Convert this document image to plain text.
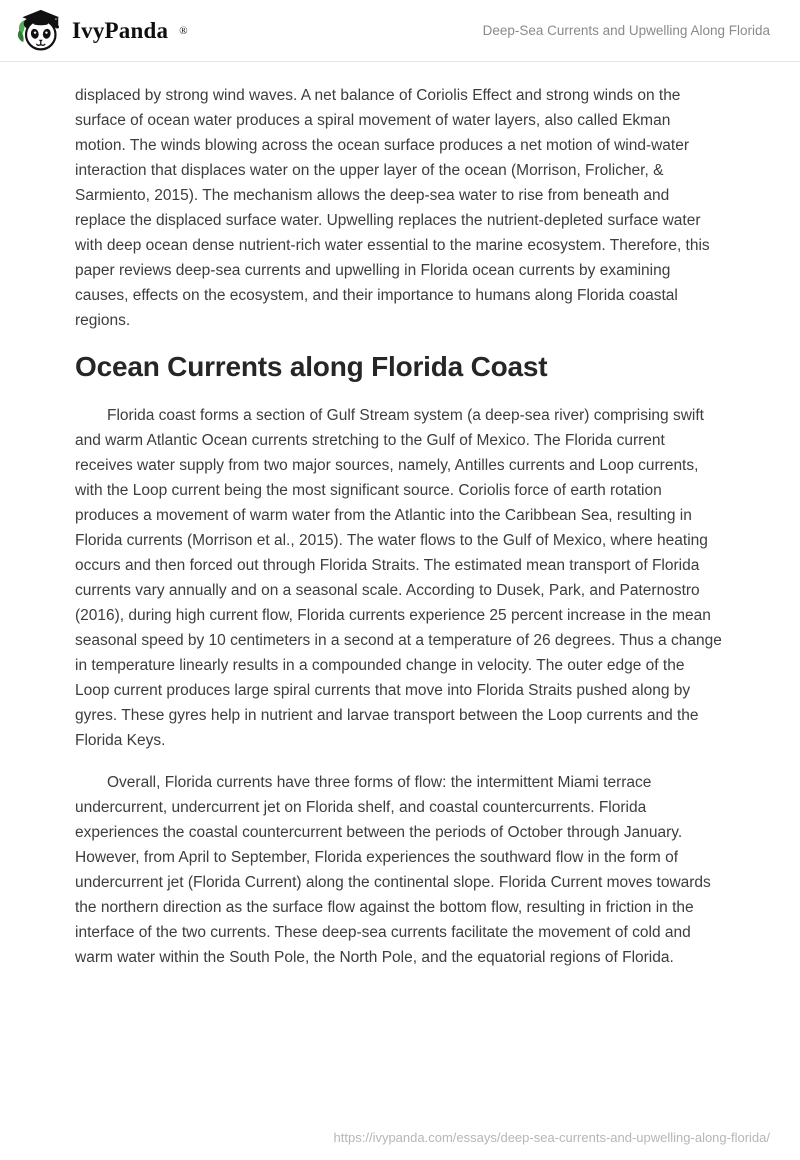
IvyPanda ®	Deep-Sea Currents and Upwelling Along Florida

displaced by strong wind waves. A net balance of Coriolis Effect and strong winds on the surface of ocean water produces a spiral movement of water layers, also called Ekman motion. The winds blowing across the ocean surface produces a net motion of wind-water interaction that displaces water on the upper layer of the ocean (Morrison, Frolicher, & Sarmiento, 2015). The mechanism allows the deep-sea water to rise from beneath and replace the displaced surface water. Upwelling replaces the nutrient-depleted surface water with deep ocean dense nutrient-rich water essential to the marine ecosystem. Therefore, this paper reviews deep-sea currents and upwelling in Florida ocean currents by examining causes, effects on the ecosystem, and their importance to humans along Florida coastal regions.

Ocean Currents along Florida Coast

Florida coast forms a section of Gulf Stream system (a deep-sea river) comprising swift and warm Atlantic Ocean currents stretching to the Gulf of Mexico. The Florida current receives water supply from two major sources, namely, Antilles currents and Loop currents, with the Loop current being the most significant source. Coriolis force of earth rotation produces a movement of warm water from the Atlantic into the Caribbean Sea, resulting in Florida currents (Morrison et al., 2015). The water flows to the Gulf of Mexico, where heating occurs and then forced out through Florida Straits. The estimated mean transport of Florida currents vary annually and on a seasonal scale. According to Dusek, Park, and Paternostro (2016), during high current flow, Florida currents experience 25 percent increase in the mean seasonal speed by 10 centimeters in a second at a temperature of 26 degrees. Thus a change in temperature linearly results in a compounded change in velocity. The outer edge of the Loop current produces large spiral currents that move into Florida Straits pushed along by gyres. These gyres help in nutrient and larvae transport between the Loop currents and the Florida Keys.

Overall, Florida currents have three forms of flow: the intermittent Miami terrace undercurrent, undercurrent jet on Florida shelf, and coastal countercurrents. Florida experiences the coastal countercurrent between the periods of October through January. However, from April to September, Florida experiences the southward flow in the form of undercurrent jet (Florida Current) along the continental slope. Florida Current moves towards the northern direction as the surface flow against the bottom flow, resulting in friction in the interface of the two currents. These deep-sea currents facilitate the movement of cold and warm water within the South Pole, the North Pole, and the equatorial regions of Florida.

https://ivypanda.com/essays/deep-sea-currents-and-upwelling-along-florida/
